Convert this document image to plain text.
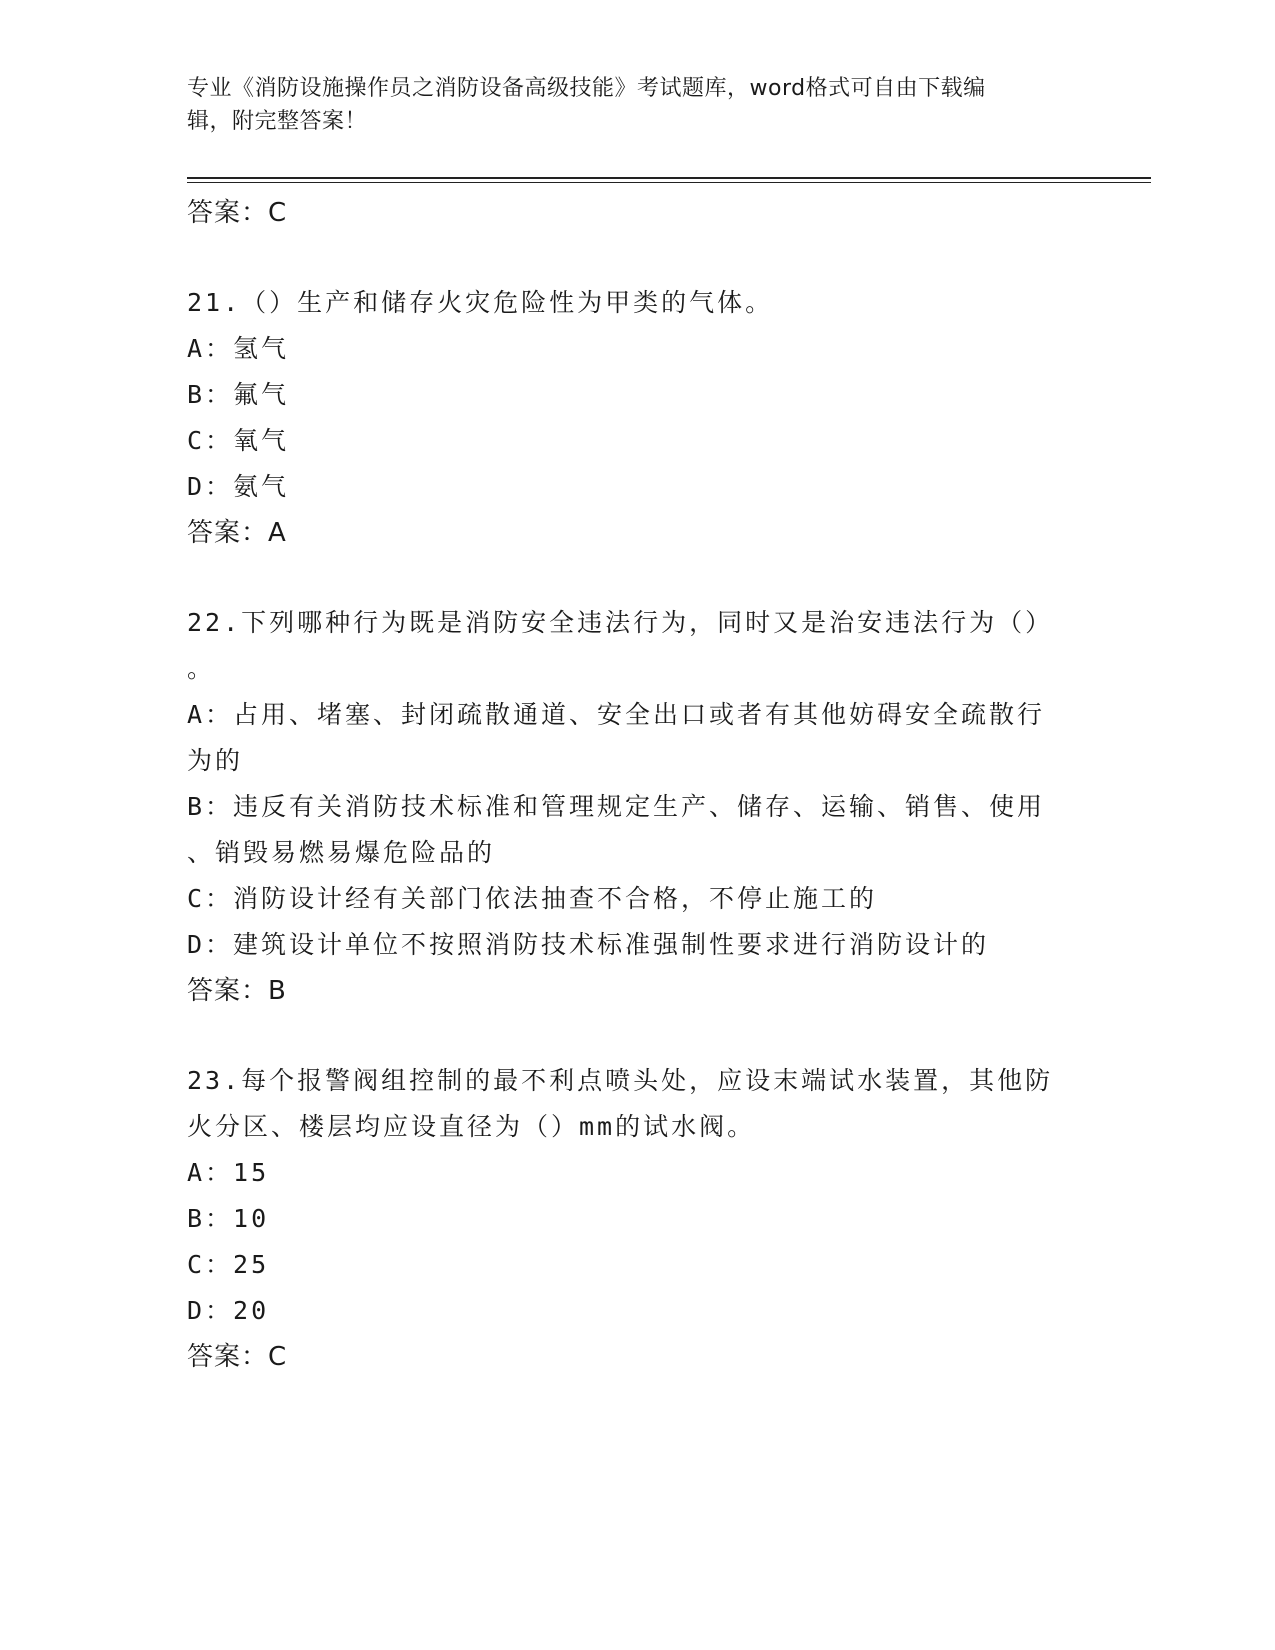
专业《消防设施操作员之消防设备高级技能》考试题库，word格式可自由下载编
辑，附完整答案！
答案：C
21.（）生产和储存火灾危险性为甲类的气体。
A：氢气
B：氟气
C：氧气
D：氨气
答案：A
22.下列哪种行为既是消防安全违法行为，同时又是治安违法行为（）
。
A：占用、堵塞、封闭疏散通道、安全出口或者有其他妨碍安全疏散行
为的
B：违反有关消防技术标准和管理规定生产、储存、运输、销售、使用
、销毁易燃易爆危险品的
C：消防设计经有关部门依法抽查不合格，不停止施工的
D：建筑设计单位不按照消防技术标准强制性要求进行消防设计的
答案：B
23.每个报警阀组控制的最不利点喷头处，应设末端试水装置，其他防
火分区、楼层均应设直径为（）mm的试水阀。
A：15
B：10
C：25
D：20
答案：C
